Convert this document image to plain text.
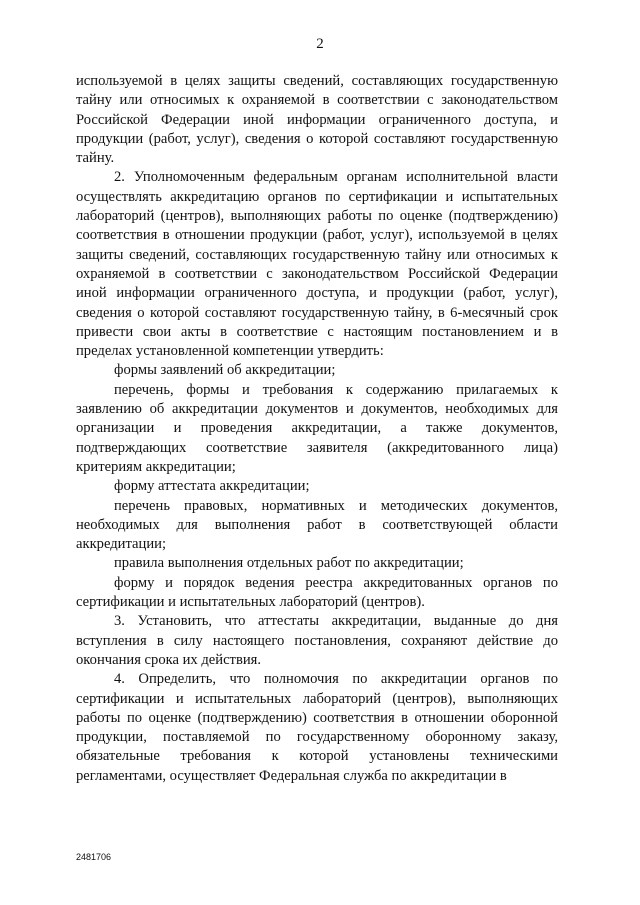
2

используемой в целях защиты сведений, составляющих государственную тайну или относимых к охраняемой в соответствии с законодательством Российской Федерации иной информации ограниченного доступа, и продукции (работ, услуг), сведения о которой составляют государственную тайну.

2. Уполномоченным федеральным органам исполнительной власти осуществлять аккредитацию органов по сертификации и испытательных лабораторий (центров), выполняющих работы по оценке (подтверждению) соответствия в отношении продукции (работ, услуг), используемой в целях защиты сведений, составляющих государственную тайну или относимых к охраняемой в соответствии с законодательством Российской Федерации иной информации ограниченного доступа, и продукции (работ, услуг), сведения о которой составляют государственную тайну, в 6-месячный срок привести свои акты в соответствие с настоящим постановлением и в пределах установленной компетенции утвердить:

формы заявлений об аккредитации;

перечень, формы и требования к содержанию прилагаемых к заявлению об аккредитации документов и документов, необходимых для организации и проведения аккредитации, а также документов, подтверждающих соответствие заявителя (аккредитованного лица) критериям аккредитации;

форму аттестата аккредитации;

перечень правовых, нормативных и методических документов, необходимых для выполнения работ в соответствующей области аккредитации;

правила выполнения отдельных работ по аккредитации;

форму и порядок ведения реестра аккредитованных органов по сертификации и испытательных лабораторий (центров).

3. Установить, что аттестаты аккредитации, выданные до дня вступления в силу настоящего постановления, сохраняют действие до окончания срока их действия.

4. Определить, что полномочия по аккредитации органов по сертификации и испытательных лабораторий (центров), выполняющих работы по оценке (подтверждению) соответствия в отношении оборонной продукции, поставляемой по государственному оборонному заказу, обязательные требования к которой установлены техническими регламентами, осуществляет Федеральная служба по аккредитации в

2481706
